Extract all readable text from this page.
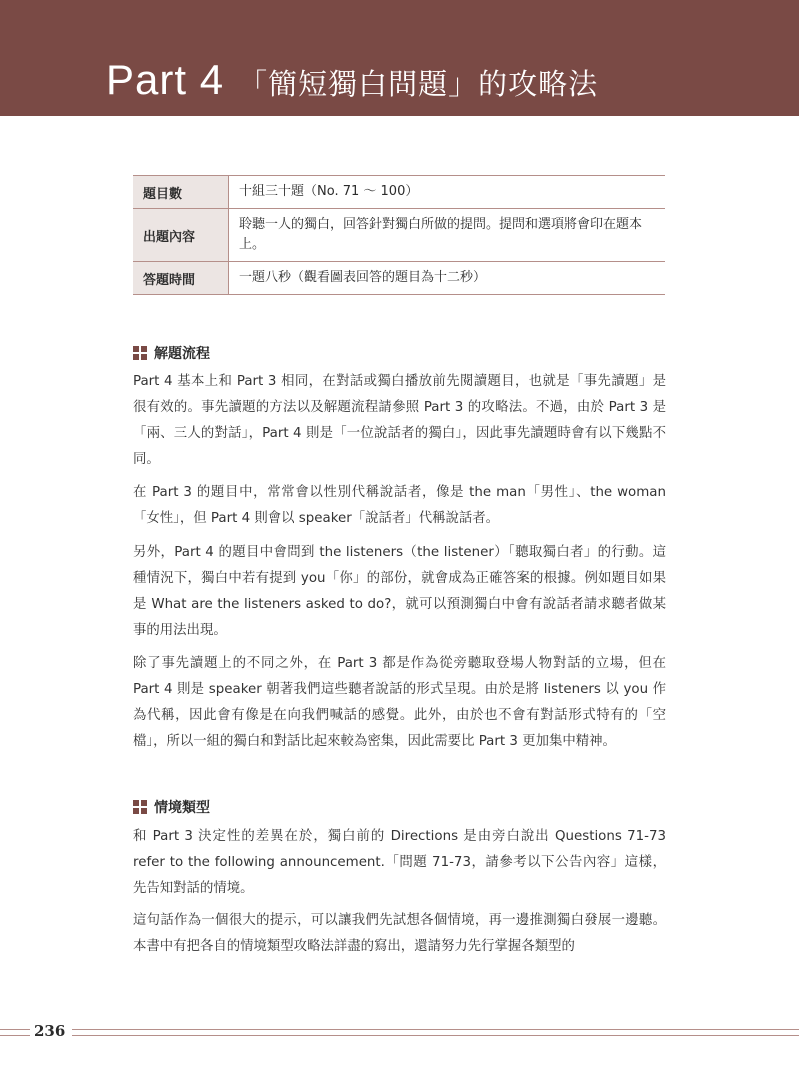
Part 4 「簡短獨白問題」的攻略法
題目數	十組三十題（No. 71 ～ 100）
出題內容	聆聽一人的獨白，回答針對獨白所做的提問。提問和選項將會印在題本上。
答題時間	一題八秒（觀看圖表回答的題目為十二秒）
解題流程

Part 4 基本上和 Part 3 相同，在對話或獨白播放前先閱讀題目，也就是「事先讀題」是很有效的。事先讀題的方法以及解題流程請參照 Part 3 的攻略法。不過，由於 Part 3 是「兩、三人的對話」，Part 4 則是「一位說話者的獨白」，因此事先讀題時會有以下幾點不同。

在 Part 3 的題目中，常常會以性別代稱說話者，像是 the man「男性」、the woman「女性」，但 Part 4 則會以 speaker「說話者」代稱說話者。

另外，Part 4 的題目中會問到 the listeners（the listener）「聽取獨白者」的行動。這種情況下，獨白中若有提到 you「你」的部份，就會成為正確答案的根據。例如題目如果是 What are the listeners asked to do?，就可以預測獨白中會有說話者請求聽者做某事的用法出現。

除了事先讀題上的不同之外，在 Part 3 都是作為從旁聽取登場人物對話的立場，但在 Part 4 則是 speaker 朝著我們這些聽者說話的形式呈現。由於是將 listeners 以 you 作為代稱，因此會有像是在向我們喊話的感覺。此外，由於也不會有對話形式特有的「空檔」，所以一組的獨白和對話比起來較為密集，因此需要比 Part 3 更加集中精神。

情境類型

和 Part 3 決定性的差異在於，獨白前的 Directions 是由旁白說出 Questions 71-73 refer to the following announcement.「問題 71-73，請參考以下公告內容」這樣，先告知對話的情境。

這句話作為一個很大的提示，可以讓我們先試想各個情境，再一邊推測獨白發展一邊聽。本書中有把各自的情境類型攻略法詳盡的寫出，還請努力先行掌握各類型的

236
